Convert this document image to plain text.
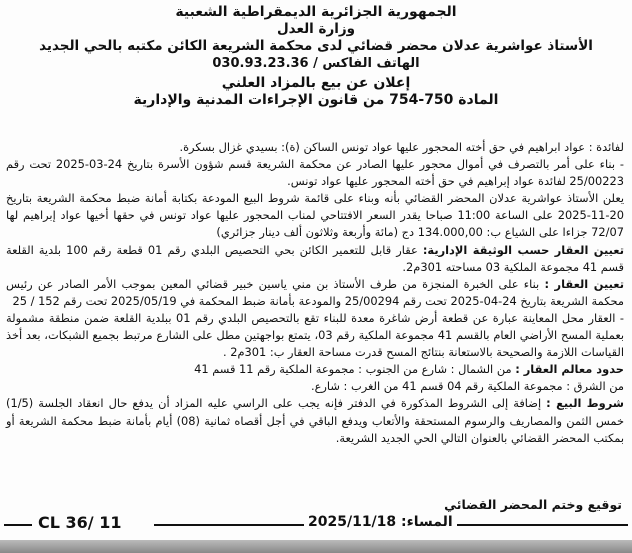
الجمهورية الجزائرية الديمقراطية الشعبية
وزارة العدل
الأستاذ عواشرية عدلان محضر قضائي لدى محكمة الشريعة الكائن مكتبه بالحي الجديد
الهاتف الفاكس / 030.93.23.36
إعلان عن بيع بالمزاد العلني
المادة 750-754 من قانون الإجراءات المدنية والإدارية

لفائدة : عواد ابراهيم في حق أخته المحجور عليها عواد تونس الساكن (ة): بسيدي غزال بسكرة.

- بناء على أمر بالتصرف في أموال محجور عليها الصادر عن محكمة الشريعة قسم شؤون الأسرة بتاريخ 24-03-2025 تحت رقم 25/00223 لفائدة عواد إبراهيم في حق أخته المحجور عليها عواد تونس.

يعلن الأستاذ عواشرية عدلان المحضر القضائي بأنه وبناء على قائمة شروط البيع المودعة بكتابة أمانة ضبط محكمة الشريعة بتاريخ 20-11-2025 على الساعة 11:00 صباحا يقدر السعر الافتتاحي لمناب المحجور عليها عواد تونس في حقها أخيها عواد إبراهيم لها 72/07 جزاءا على الشياع ب: 134.000,00 دج (مائة وأربعة وثلاثون ألف دينار جزائري)

تعيين العقار حسب الوثيقة الإدارية: عقار قابل للتعمير الكائن بحي التحصيص البلدي رقم 01 قطعة رقم 100 بلدية القلعة قسم 41 مجموعة الملكية 03 مساحته 301م2.

تعيين العقار : بناء على الخبرة المنجزة من طرف الأستاذ بن مني ياسين خبير قضائي المعين بموجب الأمر الصادر عن رئيس محكمة الشريعة بتاريخ 24-04-2025 تحت رقم 25/00294 والمودعة بأمانة ضبط المحكمة في 2025/05/19 تحت رقم 152 / 25

- العقار محل المعاينة عبارة عن قطعة أرض شاغرة معدة للبناء تقع بالتحصيص البلدي رقم 01 ببلدية القلعة ضمن منطقة مشمولة بعملية المسح الأراضي العام بالقسم 41 مجموعة الملكية رقم 03، يتمتع بواجهتين مطل على الشارع مرتبط بجميع الشبكات، بعد أخذ القياسات اللازمة والصحيحة بالاستعانة بنتائج المسح قدرت مساحة العقار ب: 301م2 .

حدود معالم العقار : من الشمال : شارع من الجنوب : مجموعة الملكية رقم 11 قسم 41

من الشرق : مجموعة الملكية رقم 04 قسم 41 من الغرب : شارع.

شروط البيع : إضافة إلى الشروط المذكورة في الدفتر فإنه يجب على الراسي عليه المزاد أن يدفع حال انعقاد الجلسة (1/5) خمس الثمن والمصاريف والرسوم المستحقة والأتعاب ويدفع الباقي في أجل أقصاه ثمانية (08) أيام بأمانة ضبط محكمة الشريعة أو بمكتب المحضر القضائي بالعنوان التالي الحي الجديد الشريعة.

توقيع وختم المحضر القضائي
CL 36/ 11	المساء: 2025/11/18
